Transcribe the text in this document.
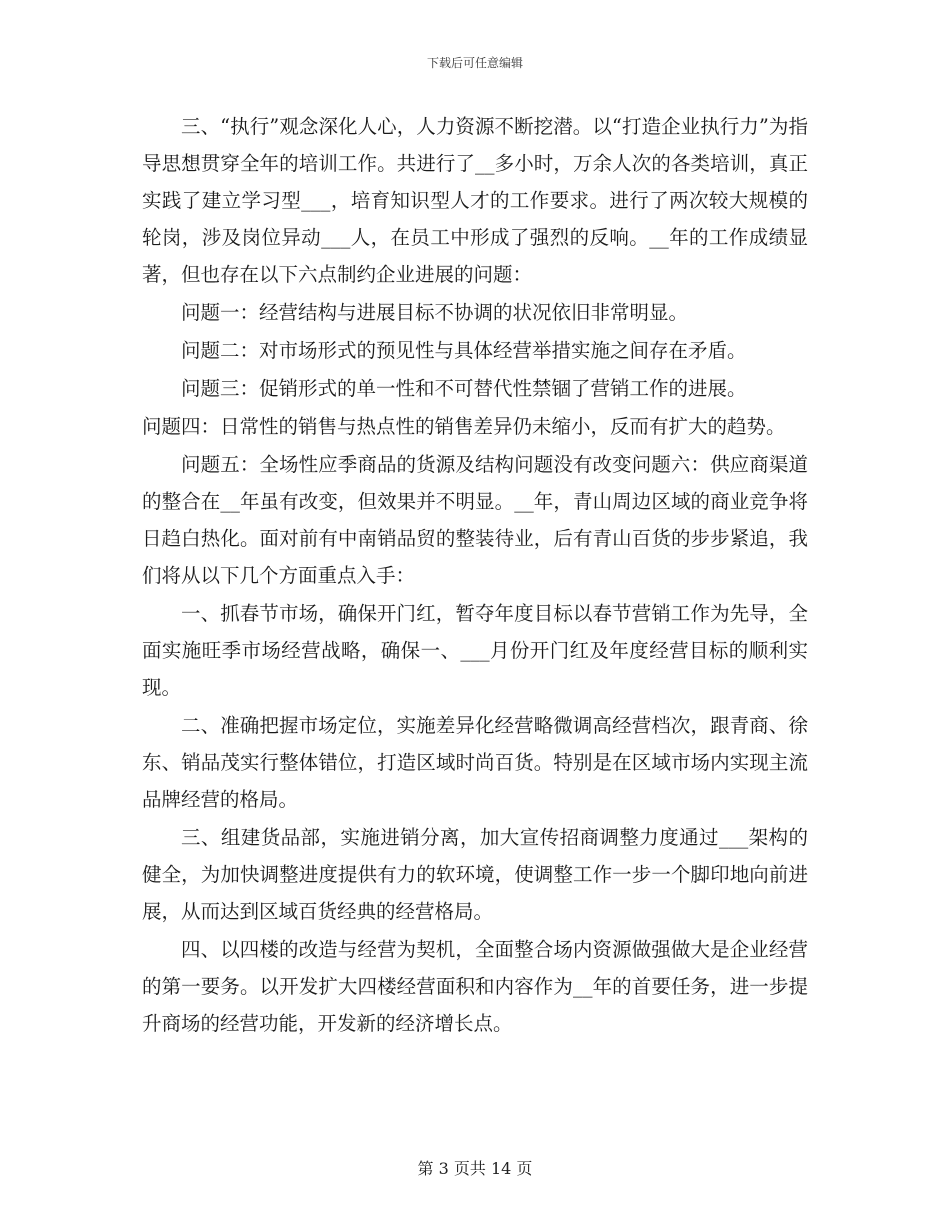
下载后可任意编辑

三、“执行”观念深化人心，人力资源不断挖潜。以“打造企业执行力”为指导思想贯穿全年的培训工作。共进行了__多小时，万余人次的各类培训，真正实践了建立学习型___，培育知识型人才的工作要求。进行了两次较大规模的轮岗，涉及岗位异动___人，在员工中形成了强烈的反响。__年的工作成绩显著，但也存在以下六点制约企业进展的问题：

问题一：经营结构与进展目标不协调的状况依旧非常明显。

问题二：对市场形式的预见性与具体经营举措实施之间存在矛盾。

问题三：促销形式的单一性和不可替代性禁锢了营销工作的进展。

问题四：日常性的销售与热点性的销售差异仍未缩小，反而有扩大的趋势。

问题五：全场性应季商品的货源及结构问题没有改变问题六：供应商渠道的整合在__年虽有改变，但效果并不明显。__年，青山周边区域的商业竞争将日趋白热化。面对前有中南销品贸的整装待业，后有青山百货的步步紧追，我们将从以下几个方面重点入手：

一、抓春节市场，确保开门红，暂夺年度目标以春节营销工作为先导，全面实施旺季市场经营战略，确保一、___月份开门红及年度经营目标的顺利实现。

二、准确把握市场定位，实施差异化经营略微调高经营档次，跟青商、徐东、销品茂实行整体错位，打造区域时尚百货。特别是在区域市场内实现主流品牌经营的格局。

三、组建货品部，实施进销分离，加大宣传招商调整力度通过___架构的健全，为加快调整进度提供有力的软环境，使调整工作一步一个脚印地向前进展，从而达到区域百货经典的经营格局。

四、以四楼的改造与经营为契机，全面整合场内资源做强做大是企业经营的第一要务。以开发扩大四楼经营面积和内容作为__年的首要任务，进一步提升商场的经营功能，开发新的经济增长点。

第 3 页共 14 页
